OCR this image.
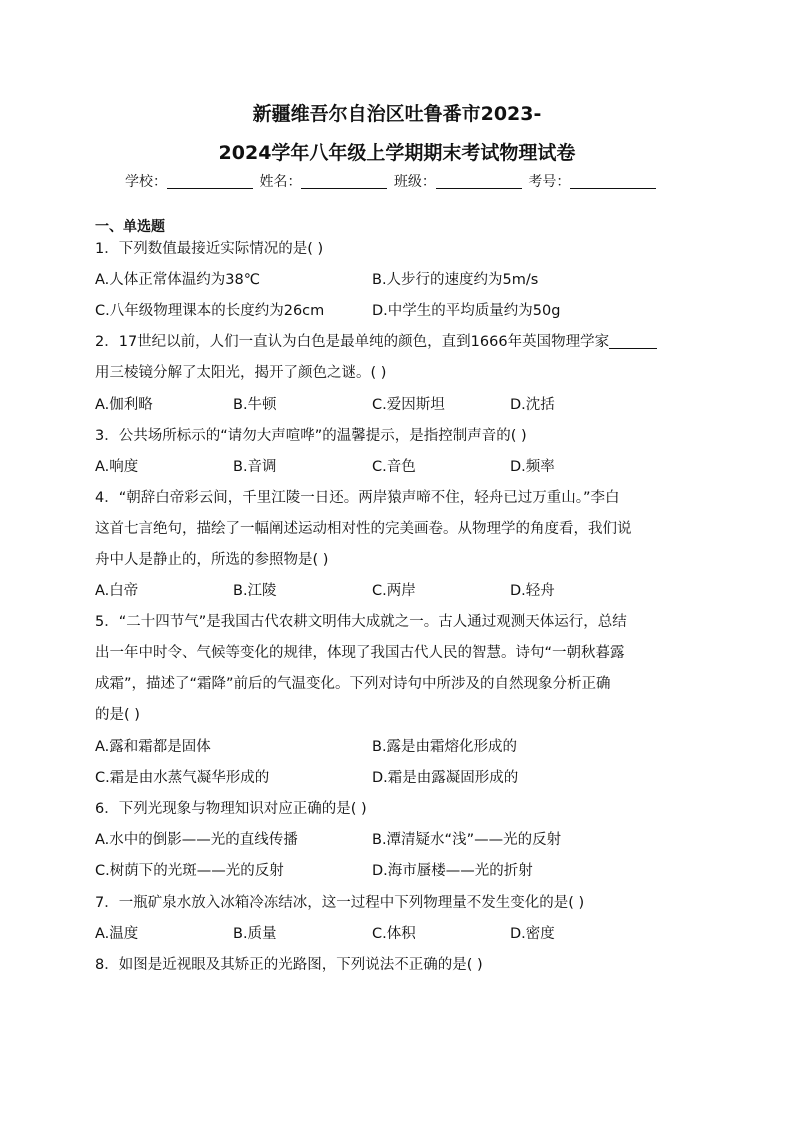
新疆维吾尔自治区吐鲁番市2023-
2024学年八年级上学期期末考试物理试卷
学校：	姓名：	班级：	考号：
一、单选题
1．下列数值最接近实际情况的是( )
A.人体正常体温约为38℃	B.人步行的速度约为5m/s
C.八年级物理课本的长度约为26cm	D.中学生的平均质量约为50g
2．17世纪以前，人们一直认为白色是最单纯的颜色，直到1666年英国物理学家
用三棱镜分解了太阳光，揭开了颜色之谜。( )
A.伽利略	B.牛顿	C.爱因斯坦	D.沈括
3．公共场所标示的“请勿大声喧哗”的温馨提示，是指控制声音的( )
A.响度	B.音调	C.音色	D.频率
4．“朝辞白帝彩云间，千里江陵一日还。两岸猿声啼不住，轻舟已过万重山。”李白
这首七言绝句，描绘了一幅阐述运动相对性的完美画卷。从物理学的角度看，我们说
舟中人是静止的，所选的参照物是( )
A.白帝	B.江陵	C.两岸	D.轻舟
5．“二十四节气”是我国古代农耕文明伟大成就之一。古人通过观测天体运行，总结
出一年中时令、气候等变化的规律，体现了我国古代人民的智慧。诗句“一朝秋暮露
成霜”，描述了“霜降”前后的气温变化。下列对诗句中所涉及的自然现象分析正确
的是( )
A.露和霜都是固体	B.露是由霜熔化形成的
C.霜是由水蒸气凝华形成的	D.霜是由露凝固形成的
6．下列光现象与物理知识对应正确的是( )
A.水中的倒影——光的直线传播	B.潭清疑水“浅”——光的反射
C.树荫下的光斑——光的反射	D.海市蜃楼——光的折射
7．一瓶矿泉水放入冰箱冷冻结冰，这一过程中下列物理量不发生变化的是( )
A.温度	B.质量	C.体积	D.密度
8．如图是近视眼及其矫正的光路图，下列说法不正确的是( )
